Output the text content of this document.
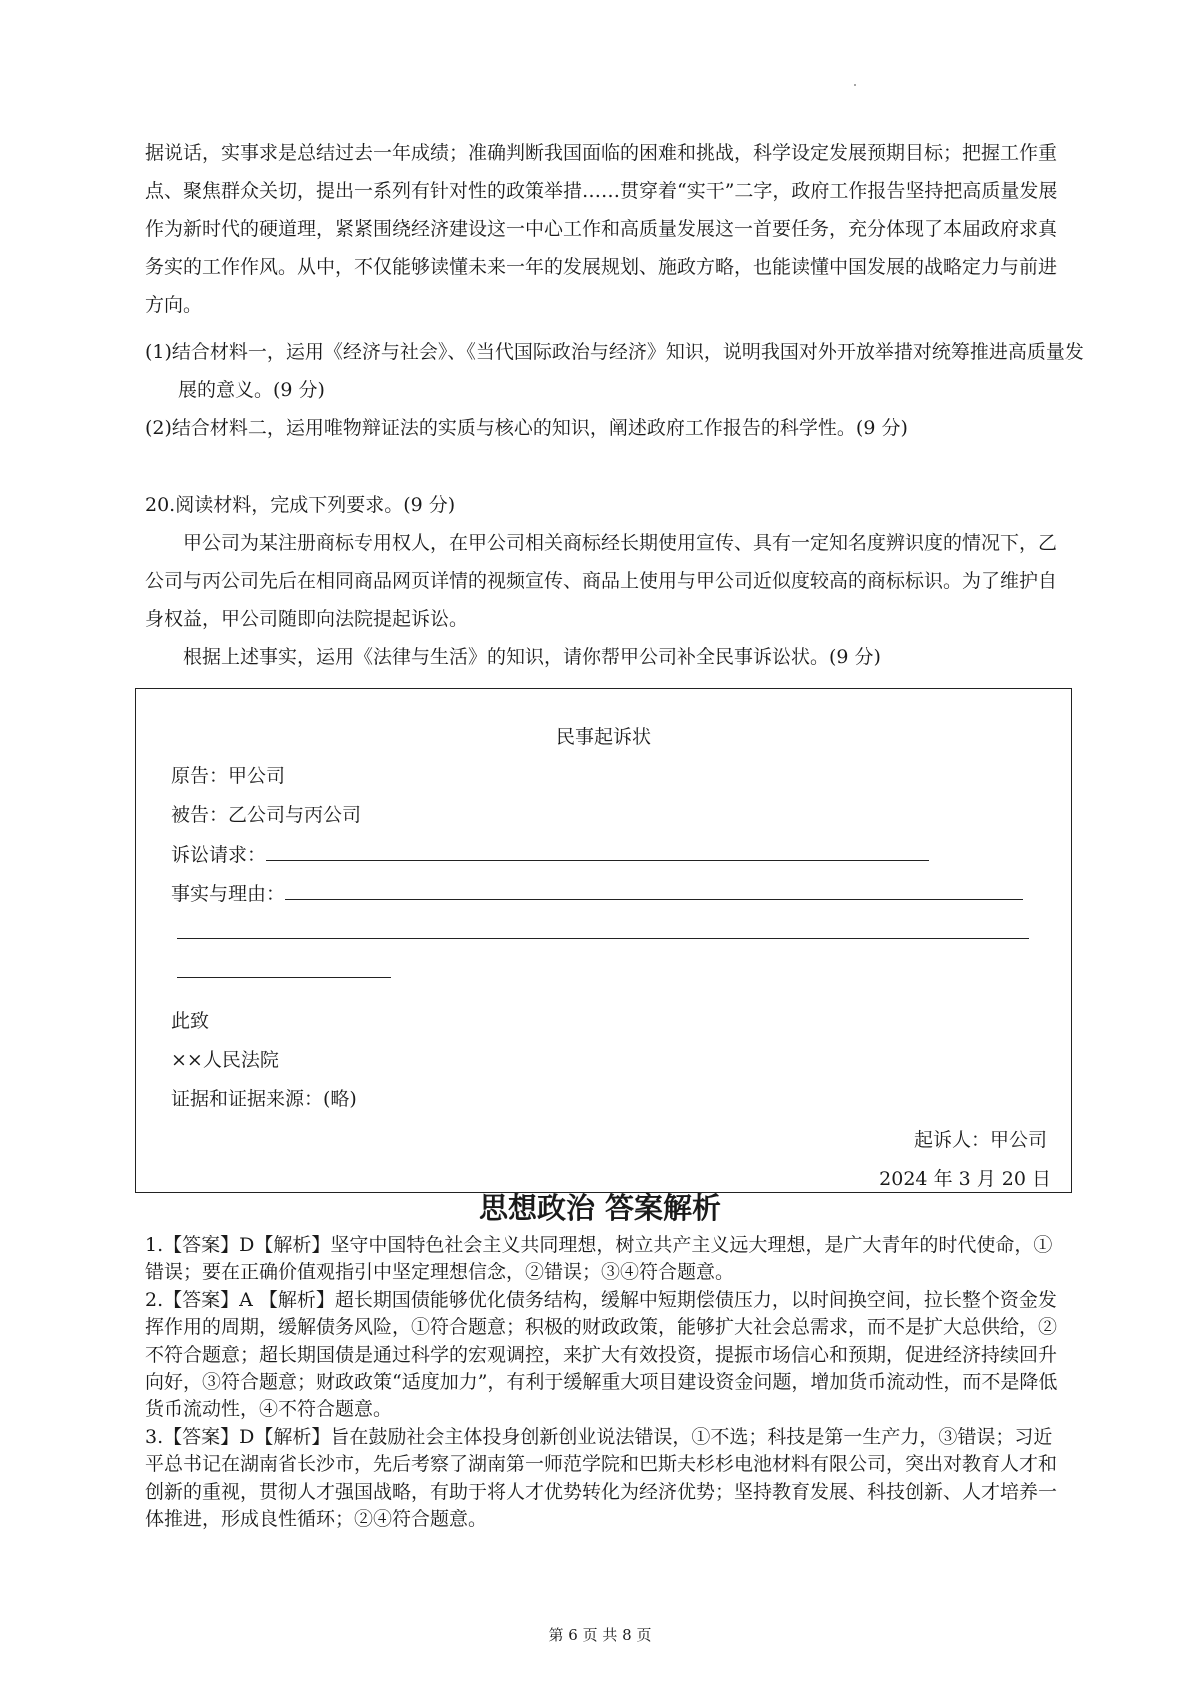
据说话，实事求是总结过去一年成绩；准确判断我国面临的困难和挑战，科学设定发展预期目标；把握工作重点、聚焦群众关切，提出一系列有针对性的政策举措……贯穿着“实干”二字，政府工作报告坚持把高质量发展作为新时代的硬道理，紧紧围绕经济建设这一中心工作和高质量发展这一首要任务，充分体现了本届政府求真务实的工作作风。从中，不仅能够读懂未来一年的发展规划、施政方略，也能读懂中国发展的战略定力与前进方向。

(1)结合材料一，运用《经济与社会》、《当代国际政治与经济》知识，说明我国对外开放举措对统筹推进高质量发展的意义。(9 分)

(2)结合材料二，运用唯物辩证法的实质与核心的知识，阐述政府工作报告的科学性。(9 分)

20.阅读材料，完成下列要求。(9 分)

甲公司为某注册商标专用权人，在甲公司相关商标经长期使用宣传、具有一定知名度辨识度的情况下，乙公司与丙公司先后在相同商品网页详情的视频宣传、商品上使用与甲公司近似度较高的商标标识。为了维护自身权益，甲公司随即向法院提起诉讼。

根据上述事实，运用《法律与生活》的知识，请你帮甲公司补全民事诉讼状。(9 分)

民事起诉状
原告：甲公司
被告：乙公司与丙公司
诉讼请求：
事实与理由：
此致
××人民法院
证据和证据来源：(略)
起诉人：甲公司
2024 年 3 月 20 日
思想政治 答案解析

1.【答案】D【解析】坚守中国特色社会主义共同理想，树立共产主义远大理想，是广大青年的时代使命，①错误；要在正确价值观指引中坚定理想信念，②错误；③④符合题意。

2.【答案】A 【解析】超长期国债能够优化债务结构，缓解中短期偿债压力，以时间换空间，拉长整个资金发挥作用的周期，缓解债务风险，①符合题意；积极的财政政策，能够扩大社会总需求，而不是扩大总供给，②不符合题意；超长期国债是通过科学的宏观调控，来扩大有效投资，提振市场信心和预期，促进经济持续回升向好，③符合题意；财政政策“适度加力”，有利于缓解重大项目建设资金问题，增加货币流动性，而不是降低货币流动性，④不符合题意。

3.【答案】D【解析】旨在鼓励社会主体投身创新创业说法错误，①不选；科技是第一生产力，③错误；习近平总书记在湖南省长沙市，先后考察了湖南第一师范学院和巴斯夫杉杉电池材料有限公司，突出对教育人才和创新的重视，贯彻人才强国战略，有助于将人才优势转化为经济优势；坚持教育发展、科技创新、人才培养一体推进，形成良性循环；②④符合题意。

第 6 页 共 8 页
